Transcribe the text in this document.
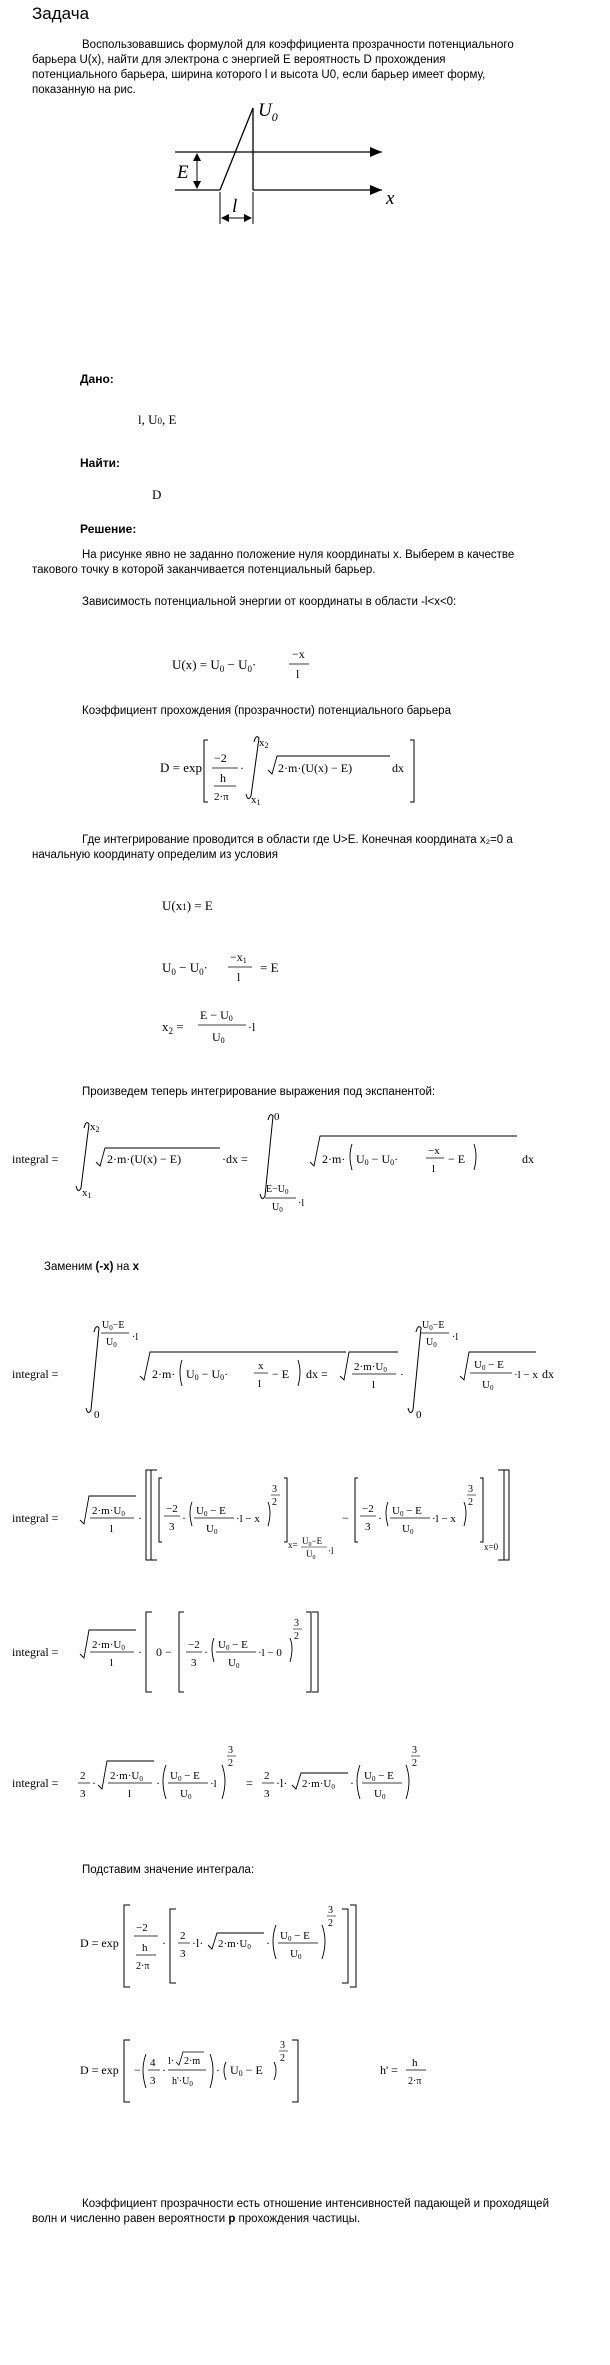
Задача
Воспользовавшись формулой для коэффициента прозрачности потенциального барьера U(x), найти для электрона с энергией E вероятность D прохождения потенциального барьера, ширина которого l и высота U0, если барьер имеет форму, показанную на рис.
$U_0$
E
l	x
Дано:
l, U0, E
Найти:
D
Решение:
На рисунке явно не заданно положение нуля координаты x. Выберем в качестве такового точку в которой заканчивается потенциальный барьер.
Зависимость потенциальной энергии от координаты в области -l<x<0:
$U(x) = U_0 - U_0\cdot$
−x
l
Коэффициент прохождения (прозрачности) потенциального барьера
D = exp
−2
h
2·π
·
x2
x1
2·m·(U(x) − E)	dx
Где интегрирование проводится в области где U>E. Конечная координата x₂=0 а начальную координату определим из условия
U(x1) = E
$U_0 - U_0\cdot$
−x1
l
= E
$x_2$ =
E − U0
U0
·l
Произведем теперь интегрирование выражения под экспанентой:
integral =
x2
x1
2·m·(U(x) − E)	·dx =
0
$E-U_0$
$U_0$
·l
2·m· U0 − U0·
−x
l
− E	dx
Заменим (-x) на x
integral =
$U_0-E$
$U_0$
·l
0
2·m· U0 − U0·
x
l
− E dx = 2·m·U0
l
·
$U_0-E$
$U_0$
·l
0
U0 − E
U0
·l − x dx
integral =	2·m·U0
l
·
−2
3
· U0 − E
U0
·l − x
3
2
$x= U_0-E$
$U_0$
·l
−
−2
3
· U0 − E
U0
·l − x
3
2
x=0
integral =	2·m·U0
l
· 0 − −2
3
· U0 − E
U0
·l − 0
3
2
integral = 2
3
· 2·m·U0
l
· U0 − E
U0
·l
3
2
= 2
3
·l· 2·m·U0 · U0 − E
U0
3
2
Подставим значение интеграла:
D = exp
−2
h
2·π
· 2
3
·l· 2·m·U0 · U0 − E
U0
3
2
D = exp − 4
3
·
l· 2·m
$h'\cdot U_0$
· U0 − E
3
2
h' = h
2·π
Коэффициент прозрачности есть отношение интенсивностей падающей и проходящей волн и численно равен вероятности p прохождения частицы.
